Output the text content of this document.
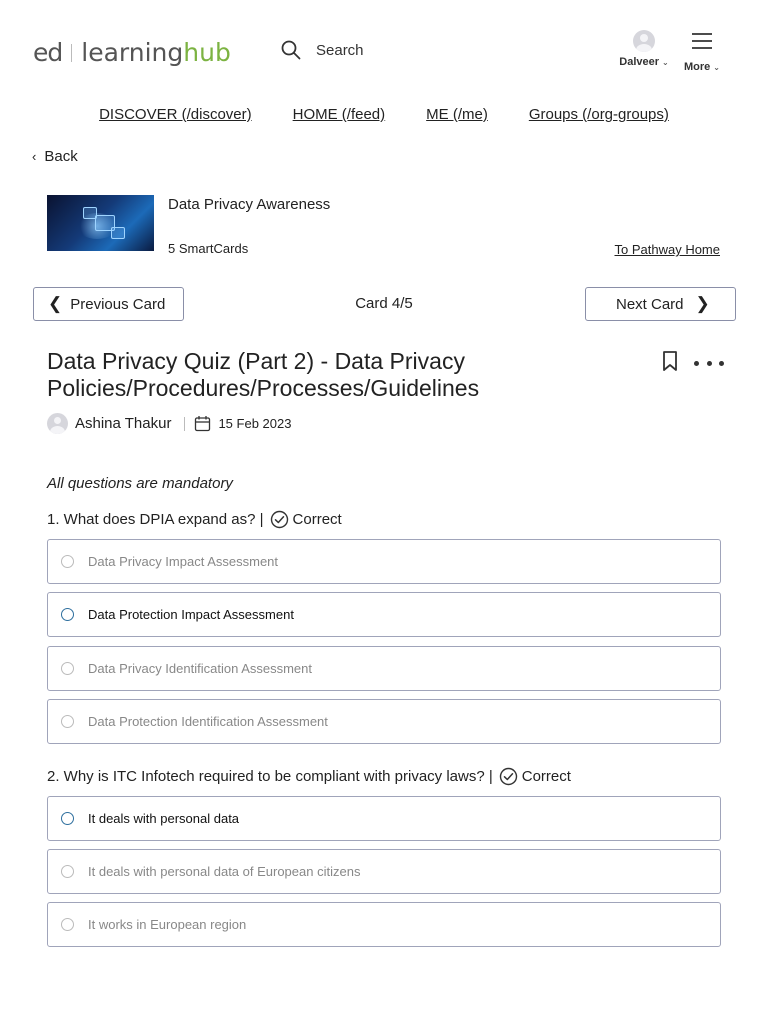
ed learning hub	Search
Dalveer ⌄	More ⌄
DISCOVER (/discover)	HOME (/feed)	ME (/me)	Groups (/org-groups)
‹ Back
Data Privacy Awareness
5 SmartCards	To Pathway Home
❮ Previous Card	Card 4/5	Next Card ❯
Data Privacy Quiz (Part 2) - Data Privacy Policies/Procedures/Processes/Guidelines
Ashina Thakur	15 Feb 2023
All questions are mandatory
1. What does DPIA expand as? | Correct
Data Privacy Impact Assessment
Data Protection Impact Assessment
Data Privacy Identification Assessment
Data Protection Identification Assessment
2. Why is ITC Infotech required to be compliant with privacy laws? | Correct
It deals with personal data
It deals with personal data of European citizens
It works in European region
